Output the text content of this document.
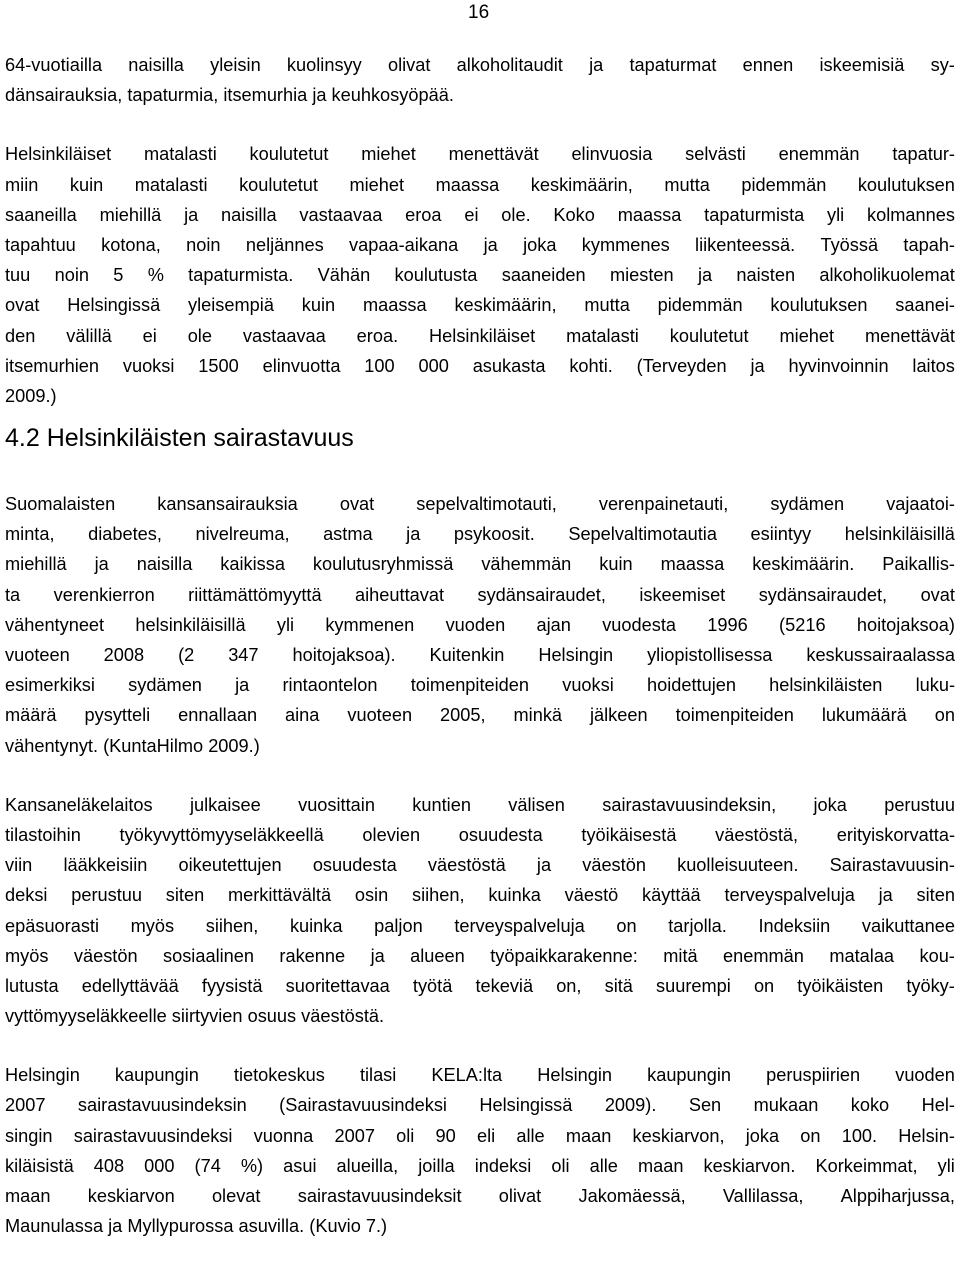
16
64-vuotiailla naisilla yleisin kuolinsyy olivat alkoholitaudit ja tapaturmat ennen iskeemisiä sy-
dänsairauksia, tapaturmia, itsemurhia ja keuhkosyöpää.
Helsinkiläiset matalasti koulutetut miehet menettävät elinvuosia selvästi enemmän tapatur-
miin kuin matalasti koulutetut miehet maassa keskimäärin, mutta pidemmän koulutuksen
saaneilla miehillä ja naisilla vastaavaa eroa ei ole. Koko maassa tapaturmista yli kolmannes
tapahtuu kotona, noin neljännes vapaa-aikana ja joka kymmenes liikenteessä. Työssä tapah-
tuu noin 5 % tapaturmista. Vähän koulutusta saaneiden miesten ja naisten alkoholikuolemat
ovat Helsingissä yleisempiä kuin maassa keskimäärin, mutta pidemmän koulutuksen saanei-
den välillä ei ole vastaavaa eroa. Helsinkiläiset matalasti koulutetut miehet menettävät
itsemurhien vuoksi 1500 elinvuotta 100 000 asukasta kohti. (Terveyden ja hyvinvoinnin laitos
2009.)
4.2 Helsinkiläisten sairastavuus
Suomalaisten kansansairauksia ovat sepelvaltimotauti, verenpainetauti, sydämen vajaatoi-
minta, diabetes, nivelreuma, astma ja psykoosit. Sepelvaltimotautia esiintyy helsinkiläisillä
miehillä ja naisilla kaikissa koulutusryhmissä vähemmän kuin maassa keskimäärin. Paikallis-
ta verenkierron riittämättömyyttä aiheuttavat sydänsairaudet, iskeemiset sydänsairaudet, ovat
vähentyneet helsinkiläisillä yli kymmenen vuoden ajan vuodesta 1996 (5216 hoitojaksoa)
vuoteen 2008 (2 347 hoitojaksoa). Kuitenkin Helsingin yliopistollisessa keskussairaalassa
esimerkiksi sydämen ja rintaontelon toimenpiteiden vuoksi hoidettujen helsinkiläisten luku-
määrä pysytteli ennallaan aina vuoteen 2005, minkä jälkeen toimenpiteiden lukumäärä on
vähentynyt. (KuntaHilmo 2009.)
Kansaneläkelaitos julkaisee vuosittain kuntien välisen sairastavuusindeksin, joka perustuu
tilastoihin työkyvyttömyyseläkkeellä olevien osuudesta työikäisestä väestöstä, erityiskorvatta-
viin lääkkeisiin oikeutettujen osuudesta väestöstä ja väestön kuolleisuuteen. Sairastavuusin-
deksi perustuu siten merkittävältä osin siihen, kuinka väestö käyttää terveyspalveluja ja siten
epäsuorasti myös siihen, kuinka paljon terveyspalveluja on tarjolla. Indeksiin vaikuttanee
myös väestön sosiaalinen rakenne ja alueen työpaikkarakenne: mitä enemmän matalaa kou-
lutusta edellyttävää fyysistä suoritettavaa työtä tekeviä on, sitä suurempi on työikäisten työky-
vyttömyyseläkkeelle siirtyvien osuus väestöstä.
Helsingin kaupungin tietokeskus tilasi KELA:lta Helsingin kaupungin peruspiirien vuoden
2007 sairastavuusindeksin (Sairastavuusindeksi Helsingissä 2009). Sen mukaan koko Hel-
singin sairastavuusindeksi vuonna 2007 oli 90 eli alle maan keskiarvon, joka on 100. Helsin-
kiläisistä 408 000 (74 %) asui alueilla, joilla indeksi oli alle maan keskiarvon. Korkeimmat, yli
maan keskiarvon olevat sairastavuusindeksit olivat Jakomäessä, Vallilassa, Alppiharjussa,
Maunulassa ja Myllypurossa asuvilla. (Kuvio 7.)
